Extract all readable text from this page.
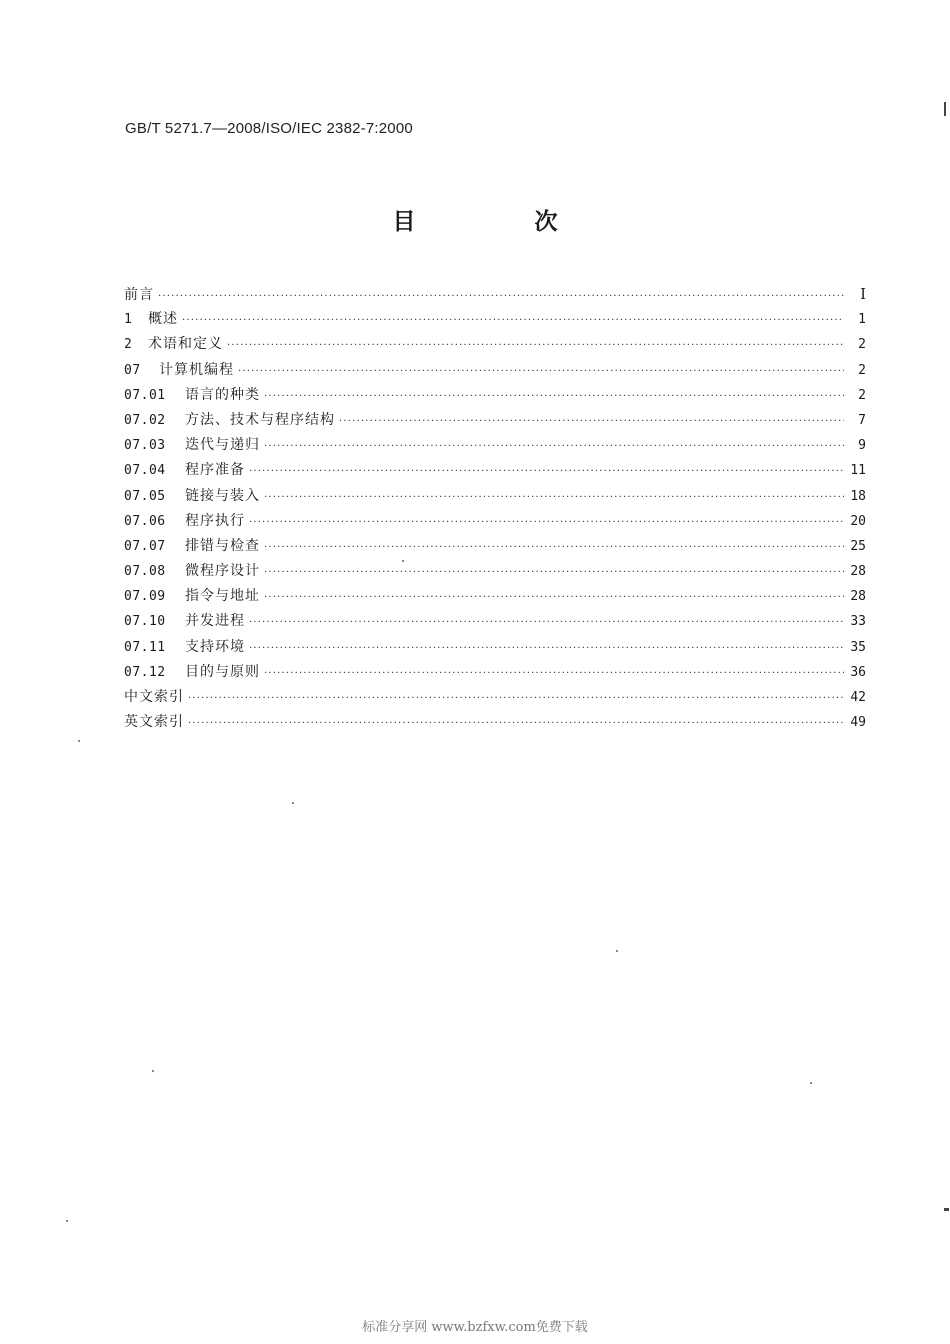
GB/T 5271.7—2008/ISO/IEC 2382-7:2000
目　次
前言 ·····	I
1	概述 ·····	1
2	术语和定义 ·····	2
07	计算机编程 ·····	2
07.01	语言的种类 ·····	2
07.02	方法、技术与程序结构 ·····	7
07.03	迭代与递归 ·····	9
07.04	程序准备 ·····	11
07.05	链接与装入 ·····	18
07.06	程序执行 ·····	20
07.07	排错与检查 ·····	25
07.08	微程序设计 ·····	28
07.09	指令与地址 ·····	28
07.10	并发进程 ·····	33
07.11	支持环境 ·····	35
07.12	目的与原则 ·····	36
中文索引 ·····	42
英文索引 ·····	49
标准分享网 www.bzfxw.com免费下载
